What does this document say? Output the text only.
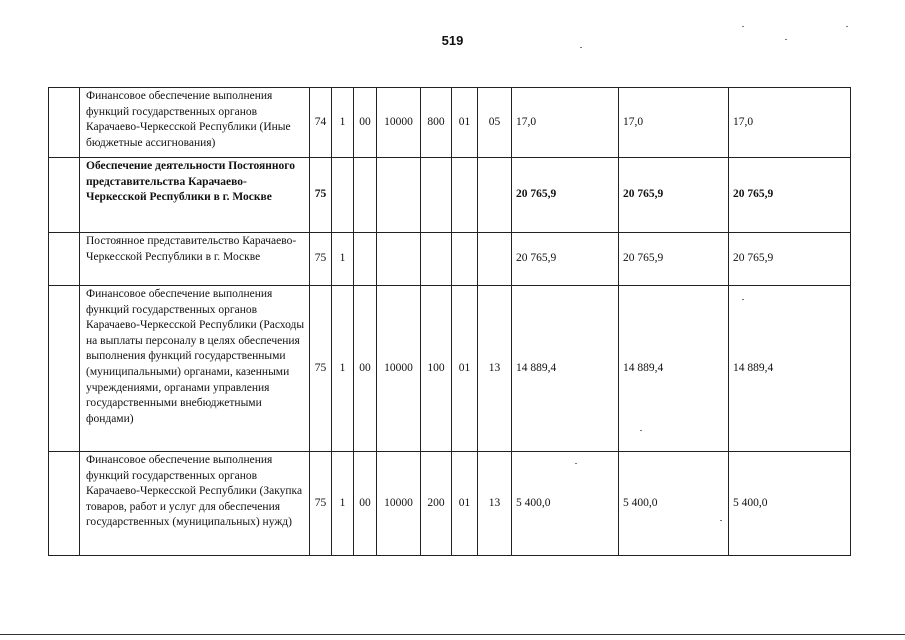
519
	Финансовое обеспечение выполнения функций государственных органов Карачаево-Черкесской Республики (Иные бюджетные ассигнования)	74	1	00	10000	800	01	05	17,0	17,0	17,0
	Обеспечение деятельности Постоянного представительства Карачаево-Черкесской Республики в г. Москве	75							20 765,9	20 765,9	20 765,9
	Постоянное представительство Карачаево-Черкесской Республики в г. Москве	75	1						20 765,9	20 765,9	20 765,9
	Финансовое обеспечение выполнения функций государственных органов Карачаево-Черкесской Республики (Расходы на выплаты персоналу в целях обеспечения выполнения функций государственными (муниципальными) органами, казенными учреждениями, органами управления государственными внебюджетными фондами)	75	1	00	10000	100	01	13	14 889,4	14 889,4	14 889,4
	Финансовое обеспечение выполнения функций государственных органов Карачаево-Черкесской Республики (Закупка товаров, работ и услуг для обеспечения государственных (муниципальных) нужд)	75	1	00	10000	200	01	13	5 400,0	5 400,0	5 400,0
